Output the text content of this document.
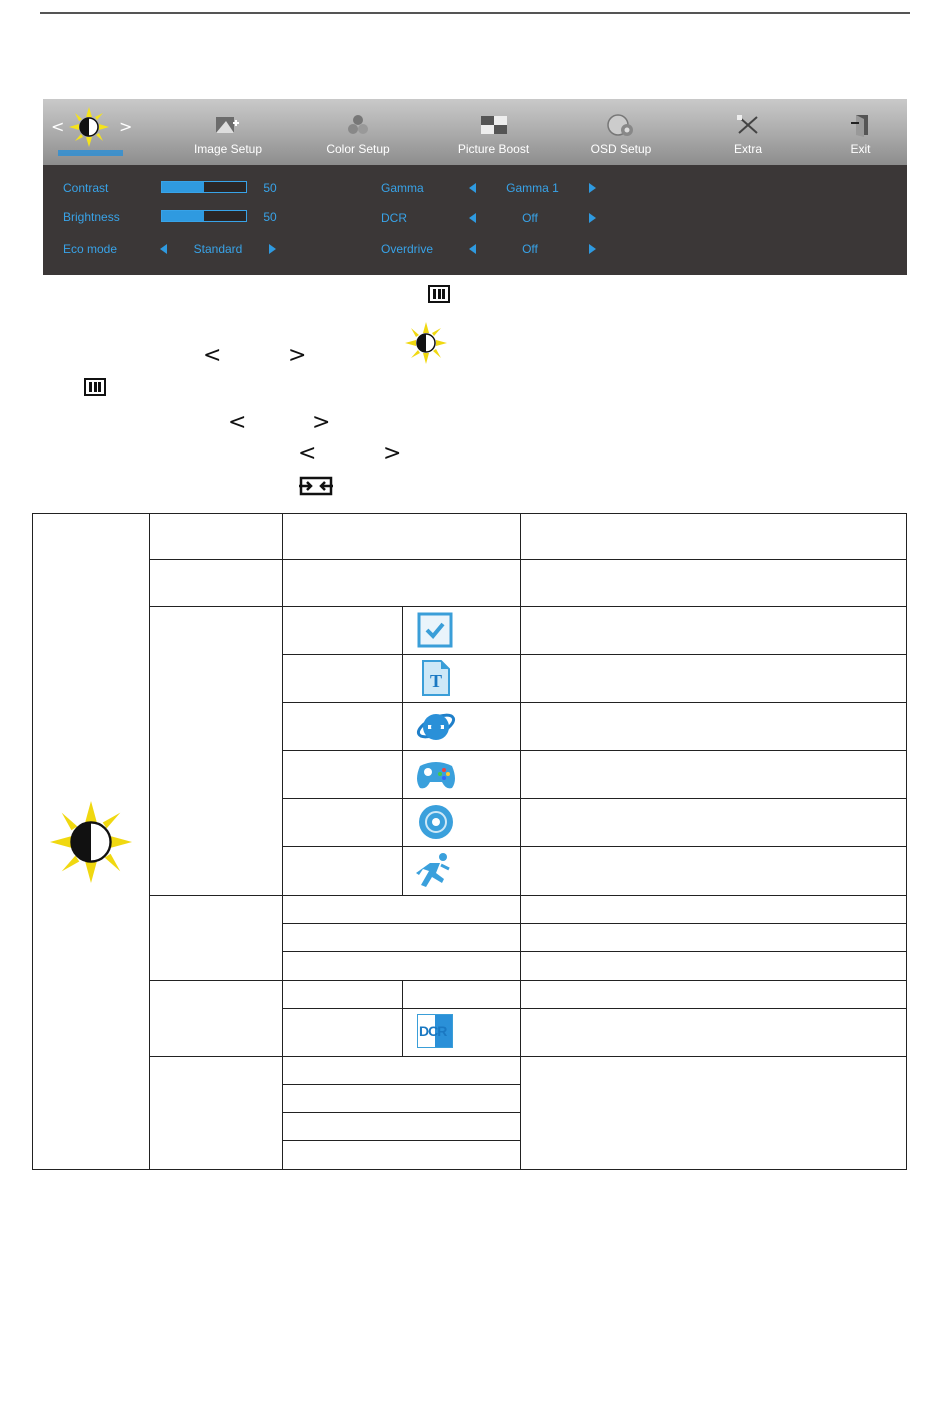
<	>
Image Setup	Color Setup	Picture Boost	OSD Setup	Extra	Exit
Contrast	50
Brightness	50
Eco mode	Standard
Gamma	Gamma 1
DCR	Off
Overdrive	Off
<	>
<	>
<	>
T
DCR
